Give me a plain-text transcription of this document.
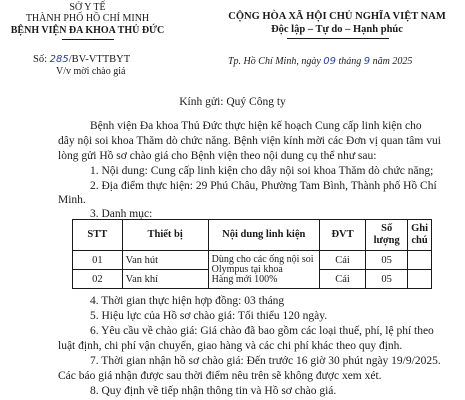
SỞ Y TẾ
THÀNH PHỐ HỒ CHÍ MINH
BỆNH VIỆN ĐA KHOA THỦ ĐỨC
Số: 285/BV-VTTBYT
V/v mời chào giá
CỘNG HÒA XÃ HỘI CHỦ NGHĨA VIỆT NAM
Độc lập – Tự do – Hạnh phúc
Tp. Hồ Chí Minh, ngày 09 tháng 9 năm 2025
Kính gửi: Quý Công ty
Bệnh viện Đa khoa Thủ Đức thực hiện kế hoạch Cung cấp linh kiện cho
dây nội soi khoa Thăm dò chức năng. Bệnh viện kính mời các Đơn vị quan tâm vui
lòng gửi Hồ sơ chào giá cho Bệnh viện theo nội dung cụ thể như sau:
1. Nội dung: Cung cấp linh kiện cho dây nội soi khoa Thăm dò chức năng;
2. Địa điểm thực hiện: 29 Phú Châu, Phường Tam Bình, Thành phố Hồ Chí
Minh.
3. Danh mục:
STT	Thiết bị	Nội dung linh kiện	ĐVT	Số
lượng	Ghi
chú
01	Van hút	Dùng cho các ống nội soi
Olympus tại khoa
Hàng mới 100%	Cái	05	
02	Van khí		Cái	05	
4. Thời gian thực hiện hợp đồng: 03 tháng
5. Hiệu lực của Hồ sơ chào giá: Tối thiểu 120 ngày.
6. Yêu cầu về chào giá: Giá chào đã bao gồm các loại thuế, phí, lệ phí theo
luật định, chi phí vận chuyển, giao hàng và các chi phí khác theo quy định.
7. Thời gian nhận hồ sơ chào giá: Đến trước 16 giờ 30 phút ngày 19/9/2025.
Các báo giá nhận được sau thời điểm nêu trên sẽ không được xem xét.
8. Quy định về tiếp nhận thông tin và Hồ sơ chào giá.
